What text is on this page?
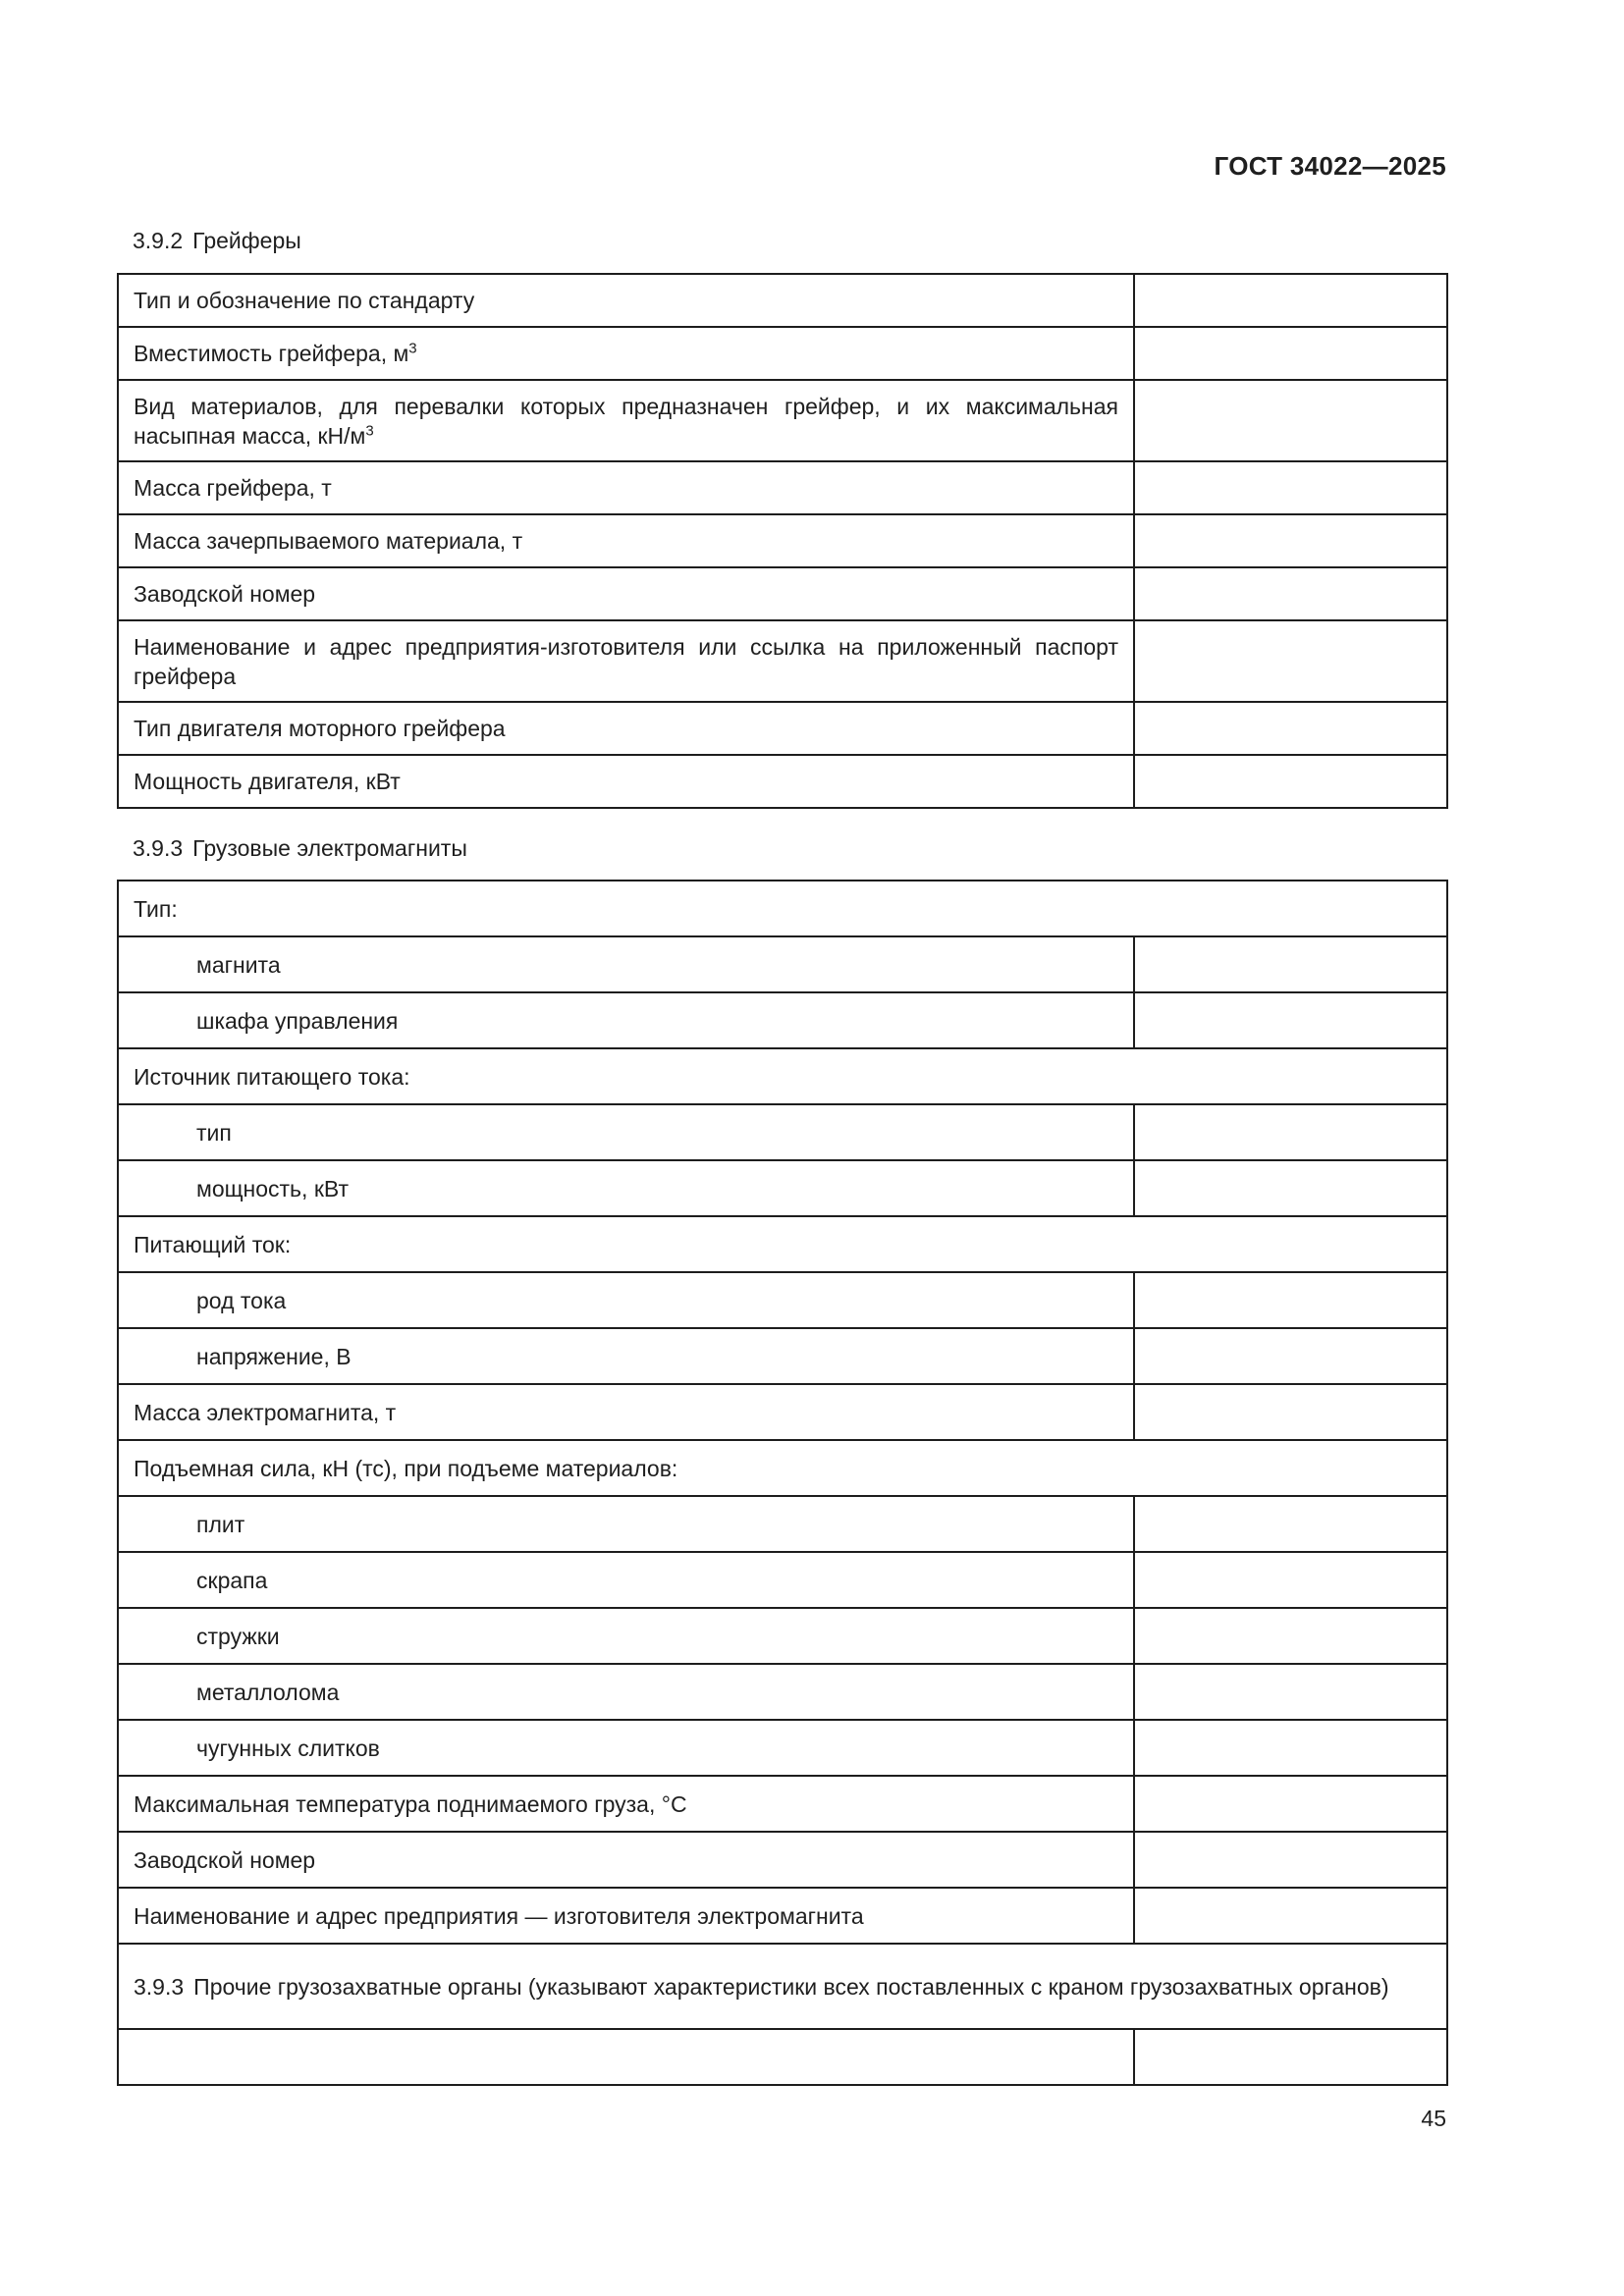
ГОСТ 34022—2025
3.9.2 Грейферы
Тип и обозначение по стандарту	
Вместимость грейфера, $м^3$	
Вид материалов, для перевалки которых предназначен грейфер, и их максимальная насыпная масса, $кН/м^3$	
Масса грейфера, т	
Масса зачерпываемого материала, т	
Заводской номер	
Наименование и адрес предприятия-изготовителя или ссылка на приложенный паспорт грейфера	
Тип двигателя моторного грейфера	
Мощность двигателя, кВт	
3.9.3 Грузовые электромагниты
Тип:	
магнита	
шкафа управления	
Источник питающего тока:	
тип	
мощность, кВт	
Питающий ток:	
род тока	
напряжение, В	
Масса электромагнита, т	
Подъемная сила, кН (тс), при подъеме материалов:	
плит	
скрапа	
стружки	
металлолома	
чугунных слитков	
Максимальная температура поднимаемого груза, °С	
Заводской номер	
Наименование и адрес предприятия — изготовителя электромагнита	

3.9.3 Прочие грузозахватные органы (указывают характеристики всех поставленных с краном грузозахватных органов)	

45
